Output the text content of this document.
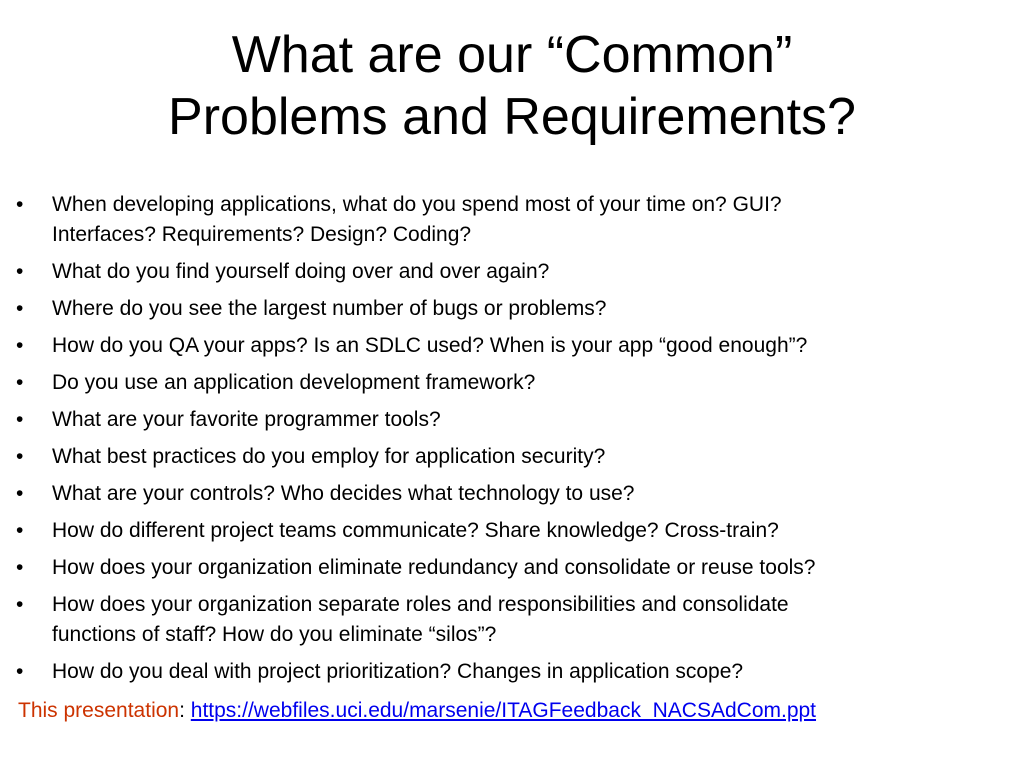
What are our “Common”
Problems and Requirements?
•	When developing applications, what do you spend most of your time on? GUI?
Interfaces? Requirements? Design? Coding?
•	What do you find yourself doing over and over again?
•	Where do you see the largest number of bugs or problems?
•	How do you QA your apps? Is an SDLC used? When is your app “good enough”?
•	Do you use an application development framework?
•	What are your favorite programmer tools?
•	What best practices do you employ for application security?
•	What are your controls? Who decides what technology to use?
•	How do different project teams communicate? Share knowledge? Cross-train?
•	How does your organization eliminate redundancy and consolidate or reuse tools?
•	How does your organization separate roles and responsibilities and consolidate
functions of staff? How do you eliminate “silos”?
•	How do you deal with project prioritization? Changes in application scope?
This presentation: https://webfiles.uci.edu/marsenie/ITAGFeedback_NACSAdCom.ppt
